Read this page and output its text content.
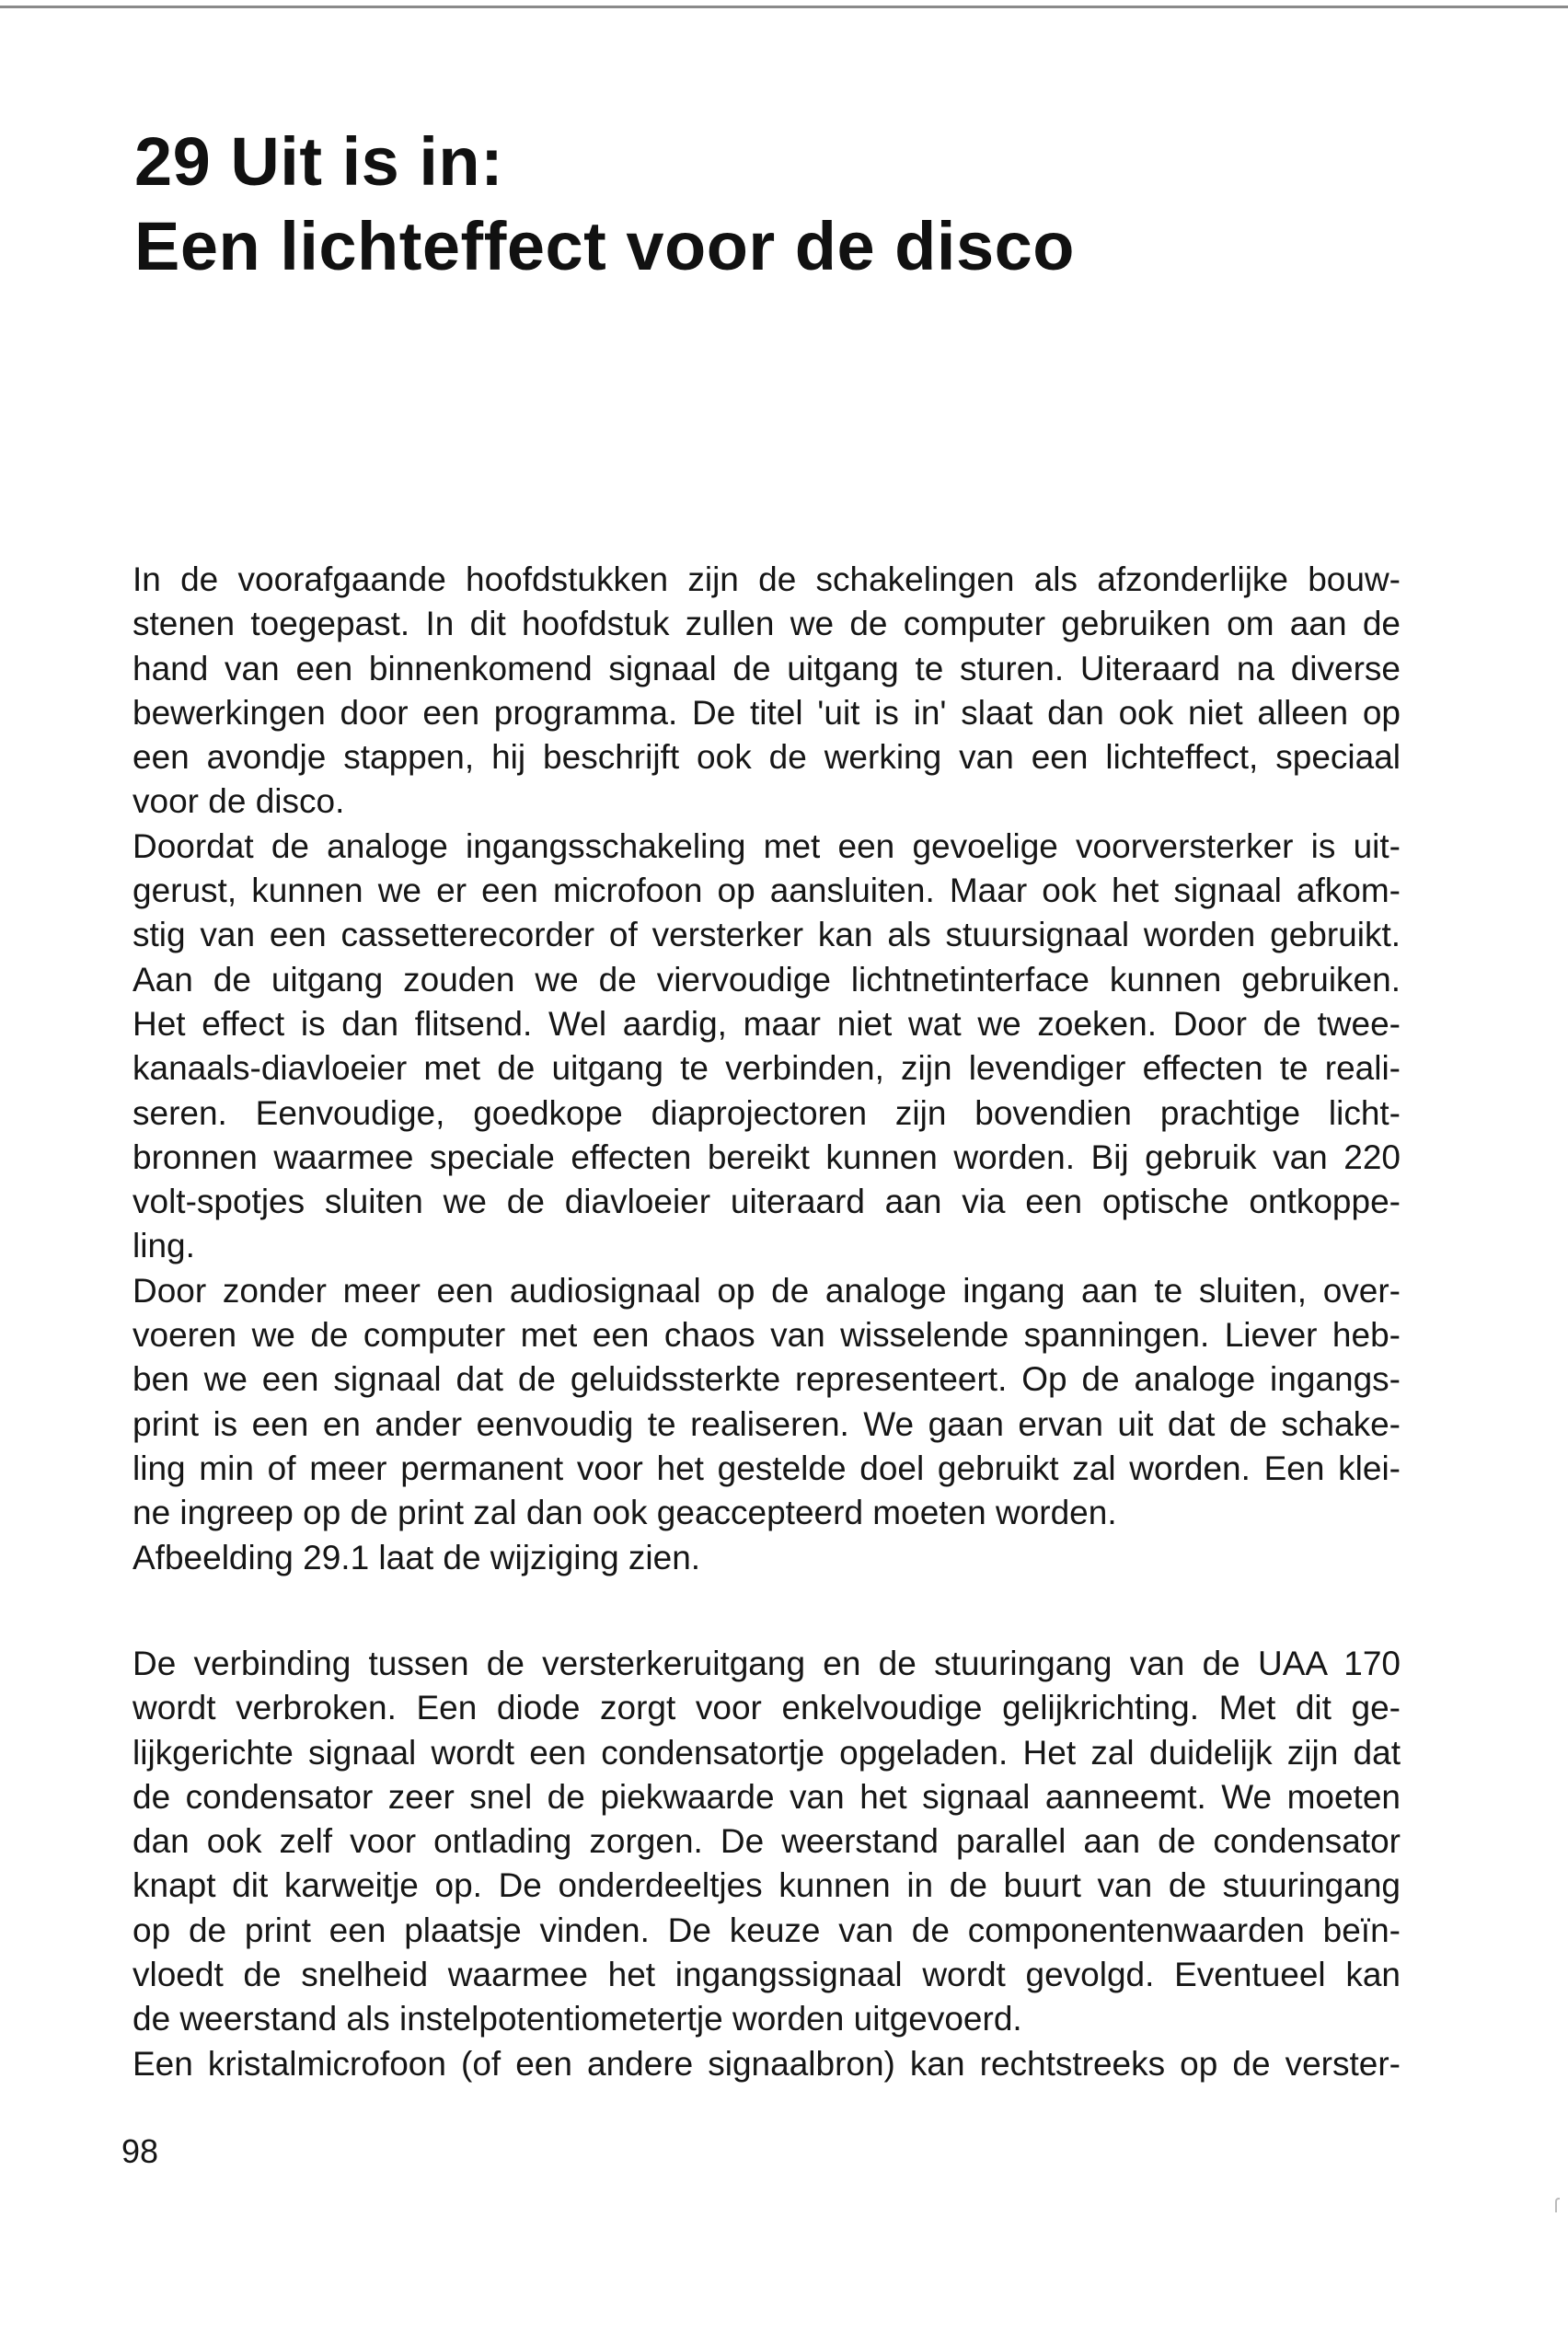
29 Uit is in:
Een lichteffect voor de disco
In de voorafgaande hoofdstukken zijn de schakelingen als afzonderlijke bouw-
stenen toegepast. In dit hoofdstuk zullen we de computer gebruiken om aan de
hand van een binnenkomend signaal de uitgang te sturen. Uiteraard na diverse
bewerkingen door een programma. De titel 'uit is in' slaat dan ook niet alleen op
een avondje stappen, hij beschrijft ook de werking van een lichteffect, speciaal
voor de disco.
Doordat de analoge ingangsschakeling met een gevoelige voorversterker is uit-
gerust, kunnen we er een microfoon op aansluiten. Maar ook het signaal afkom-
stig van een cassetterecorder of versterker kan als stuursignaal worden gebruikt.
Aan de uitgang zouden we de viervoudige lichtnetinterface kunnen gebruiken.
Het effect is dan flitsend. Wel aardig, maar niet wat we zoeken. Door de twee-
kanaals-diavloeier met de uitgang te verbinden, zijn levendiger effecten te reali-
seren. Eenvoudige, goedkope diaprojectoren zijn bovendien prachtige licht-
bronnen waarmee speciale effecten bereikt kunnen worden. Bij gebruik van 220
volt-spotjes sluiten we de diavloeier uiteraard aan via een optische ontkoppe-
ling.
Door zonder meer een audiosignaal op de analoge ingang aan te sluiten, over-
voeren we de computer met een chaos van wisselende spanningen. Liever heb-
ben we een signaal dat de geluidssterkte representeert. Op de analoge ingangs-
print is een en ander eenvoudig te realiseren. We gaan ervan uit dat de schake-
ling min of meer permanent voor het gestelde doel gebruikt zal worden. Een klei-
ne ingreep op de print zal dan ook geaccepteerd moeten worden.
Afbeelding 29.1 laat de wijziging zien.
De verbinding tussen de versterkeruitgang en de stuuringang van de UAA 170
wordt verbroken. Een diode zorgt voor enkelvoudige gelijkrichting. Met dit ge-
lijkgerichte signaal wordt een condensatortje opgeladen. Het zal duidelijk zijn dat
de condensator zeer snel de piekwaarde van het signaal aanneemt. We moeten
dan ook zelf voor ontlading zorgen. De weerstand parallel aan de condensator
knapt dit karweitje op. De onderdeeltjes kunnen in de buurt van de stuuringang
op de print een plaatsje vinden. De keuze van de componentenwaarden beïn-
vloedt de snelheid waarmee het ingangssignaal wordt gevolgd. Eventueel kan
de weerstand als instelpotentiometertje worden uitgevoerd.
Een kristalmicrofoon (of een andere signaalbron) kan rechtstreeks op de verster-

98
